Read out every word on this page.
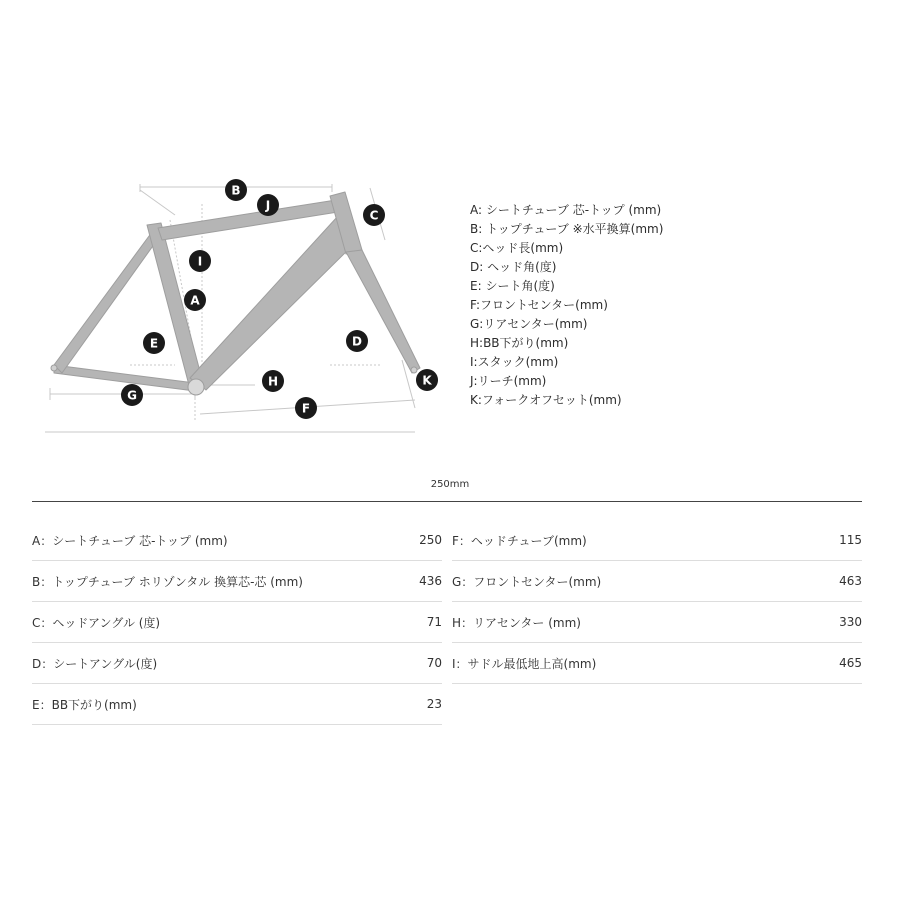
A
B
C
D
E
F
G
H
I
J
K
A: シートチューブ 芯-トップ (mm)
B: トップチューブ ※水平換算(mm)
C:ヘッド長(mm)
D: ヘッド角(度)
E: シート角(度)
F:フロントセンター(mm)
G:リアセンター(mm)
H:BB下がり(mm)
I:スタック(mm)
J:リーチ(mm)
K:フォークオフセット(mm)
250mm
A：シートチューブ 芯-トップ (mm)	250
B：トップチューブ ホリゾンタル 換算芯-芯 (mm)	436
C：ヘッドアングル (度)	71
D：シートアングル(度)	70
E：BB下がり(mm)	23
F：ヘッドチューブ(mm)	115
G：フロントセンター(mm)	463
H：リアセンター (mm)	330
I：サドル最低地上高(mm)	465
